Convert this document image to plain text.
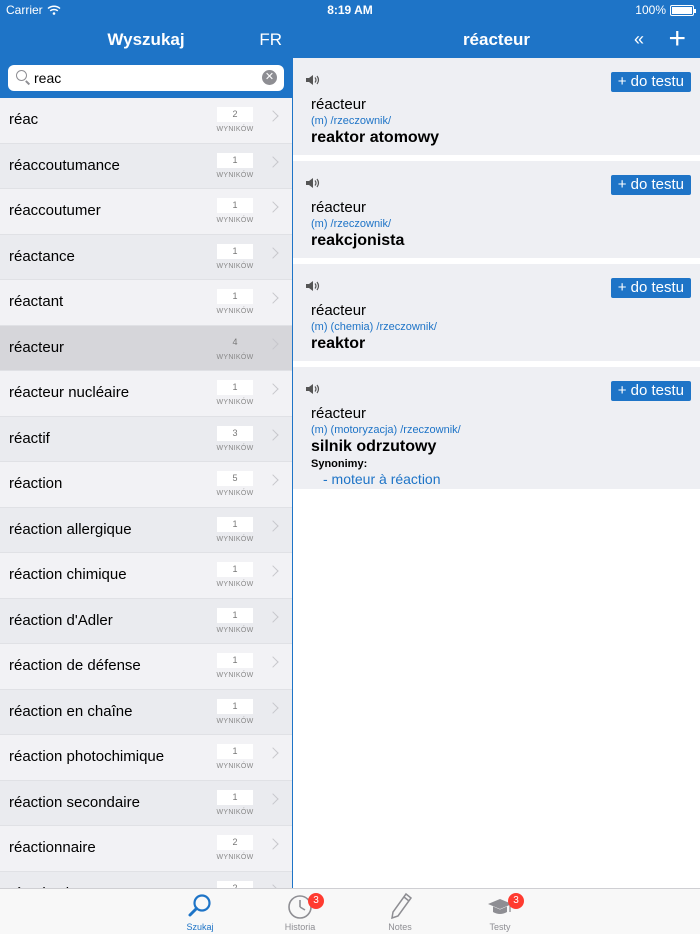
Carrier	8:19 AM	100%
Wyszukaj	FR	réacteur	« +
reac	✕
réac	2
WYNIKÓW
réaccoutumance	1
WYNIKÓW
réaccoutumer	1
WYNIKÓW
réactance	1
WYNIKÓW
réactant	1
WYNIKÓW
réacteur	4
WYNIKÓW
réacteur nucléaire	1
WYNIKÓW
réactif	3
WYNIKÓW
réaction	5
WYNIKÓW
réaction allergique	1
WYNIKÓW
réaction chimique	1
WYNIKÓW
réaction d'Adler	1
WYNIKÓW
réaction de défense	1
WYNIKÓW
réaction en chaîne	1
WYNIKÓW
réaction photochimique	1
WYNIKÓW
réaction secondaire	1
WYNIKÓW
réactionnaire	2
WYNIKÓW
+ do testu
réacteur
(m) /rzeczownik/
reaktor atomowy
+ do testu
réacteur
(m) /rzeczownik/
reakcjonista
+ do testu
réacteur
(m) (chemia) /rzeczownik/
reaktor
+ do testu
réacteur
(m) (motoryzacja) /rzeczownik/
silnik odrzutowy
Synonimy:
- moteur à réaction
Szukaj
3
Historia	Notes
3
Testy
